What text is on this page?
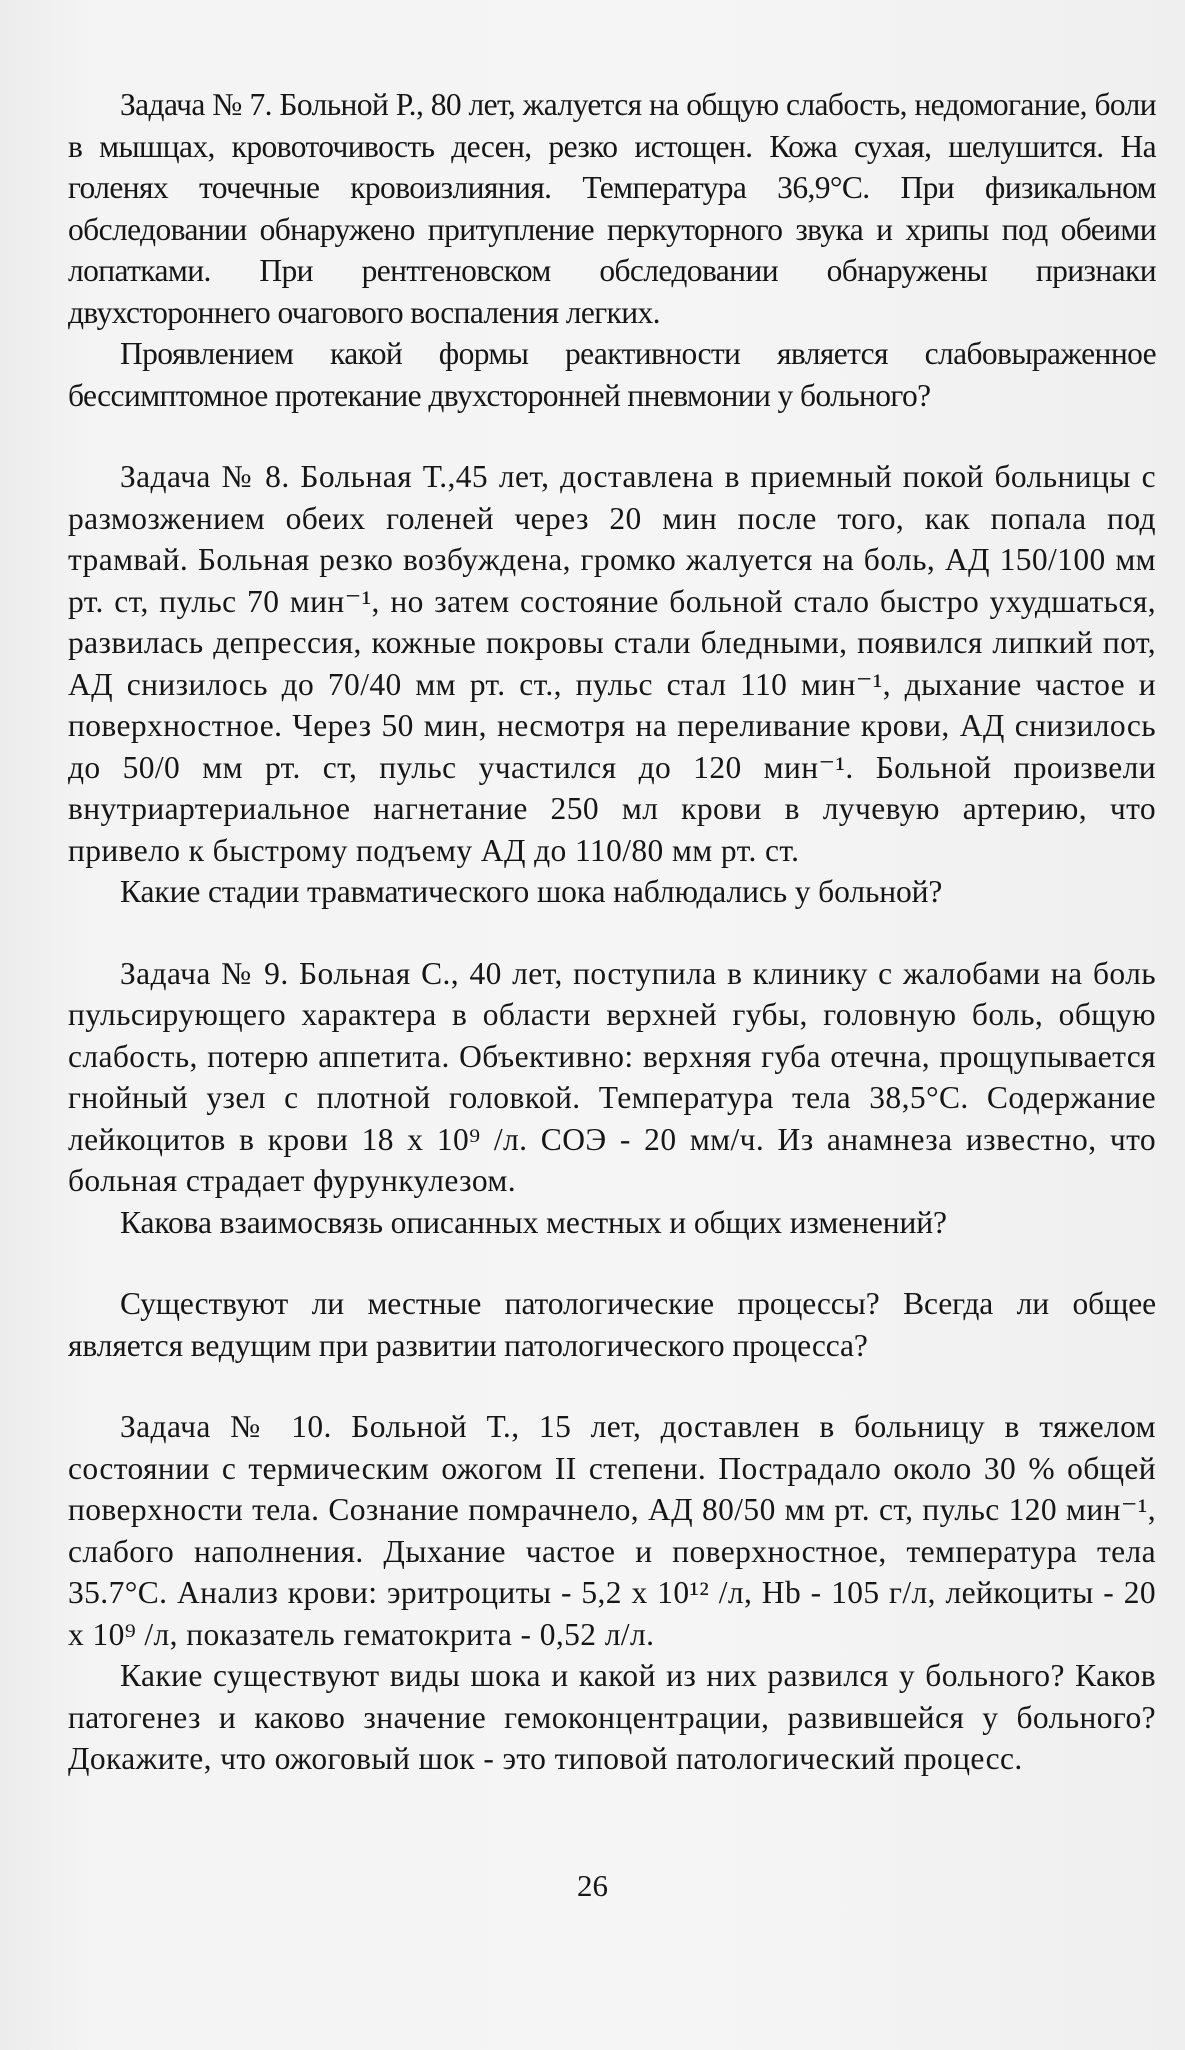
Задача № 7. Больной Р., 80 лет, жалуется на общую слабость, недомогание, боли в мышцах, кровоточивость десен, резко истощен. Кожа сухая, шелушится. На голенях точечные кровоизлияния. Температура 36,9°С. При физикальном обследовании обнаружено притупление перкуторного звука и хрипы под обеими лопатками. При рентгеновском обследовании обнаружены признаки двухстороннего очагового воспаления легких.

Проявлением какой формы реактивности является слабовыраженное бессимптомное протекание двухсторонней пневмонии у больного?

Задача № 8. Больная Т.,45 лет, доставлена в приемный покой больницы с размозжением обеих голеней через 20 мин после того, как попала под трамвай. Больная резко возбуждена, громко жалуется на боль, АД 150/100 мм рт. ст, пульс 70 мин⁻¹, но затем состояние больной стало быстро ухудшаться, развилась депрессия, кожные покровы стали бледными, появился липкий пот, АД снизилось до 70/40 мм рт. ст., пульс стал 110 мин⁻¹, дыхание частое и поверхностное. Через 50 мин, несмотря на переливание крови, АД снизилось до 50/0 мм рт. ст, пульс участился до 120 мин⁻¹. Больной произвели внутриартериальное нагнетание 250 мл крови в лучевую артерию, что привело к быстрому подъему АД до 110/80 мм рт. ст.

Какие стадии травматического шока наблюдались у больной?

Задача № 9. Больная С., 40 лет, поступила в клинику с жалобами на боль пульсирующего характера в области верхней губы, головную боль, общую слабость, потерю аппетита. Объективно: верхняя губа отечна, прощупывается гнойный узел с плотной головкой. Температура тела 38,5°С. Содержание лейкоцитов в крови 18 x 10⁹ /л. СОЭ - 20 мм/ч. Из анамнеза известно, что больная страдает фурункулезом.

Какова взаимосвязь описанных местных и общих изменений?

Существуют ли местные патологические процессы? Всегда ли общее является ведущим при развитии патологического процесса?

Задача № 10. Больной Т., 15 лет, доставлен в больницу в тяжелом состоянии с термическим ожогом II степени. Пострадало около 30 % общей поверхности тела. Сознание помрачнело, АД 80/50 мм рт. ст, пульс 120 мин⁻¹, слабого наполнения. Дыхание частое и поверхностное, температура тела 35.7°С. Анализ крови: эритроциты - 5,2 x 10¹² /л, Hb - 105 г/л, лейкоциты - 20 x 10⁹ /л, показатель гематокрита - 0,52 л/л.

Какие существуют виды шока и какой из них развился у больного? Каков патогенез и каково значение гемоконцентрации, развившейся у больного? Докажите, что ожоговый шок - это типовой патологический процесс.

26
